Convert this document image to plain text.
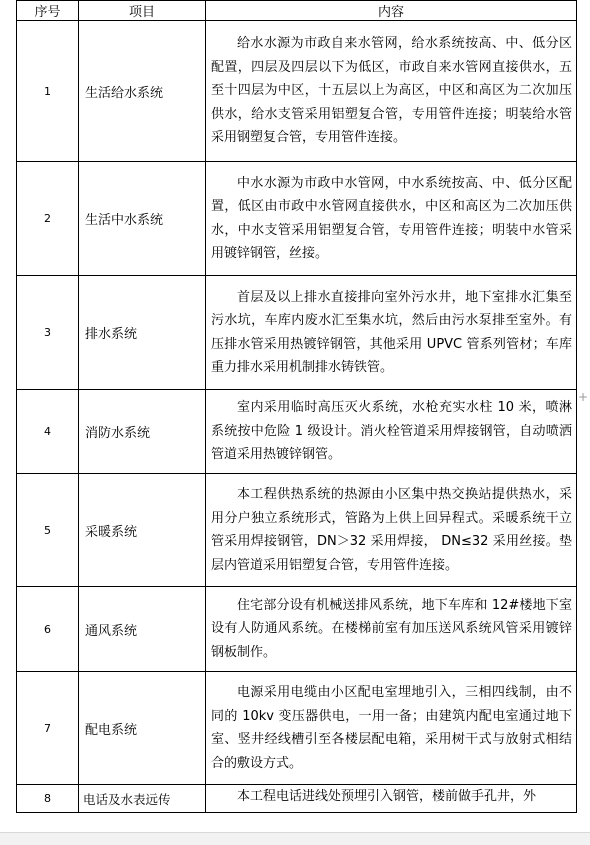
序号	项目	内容
1	生活给水系统	给水水源为市政自来水管网，给水系统按高、中、低分区配置，四层及四层以下为低区，市政自来水管网直接供水，五至十四层为中区，十五层以上为高区，中区和高区为二次加压供水，给水支管采用铝塑复合管，专用管件连接；明装给水管采用钢塑复合管，专用管件连接。

2	生活中水系统	中水水源为市政中水管网，中水系统按高、中、低分区配置，低区由市政中水管网直接供水，中区和高区为二次加压供水，中水支管采用铝塑复合管，专用管件连接；明装中水管采用镀锌钢管，丝接。

3	排水系统	首层及以上排水直接排向室外污水井，地下室排水汇集至污水坑，车库内废水汇至集水坑，然后由污水泵排至室外。有压排水管采用热镀锌钢管，其他采用 UPVC 管系列管材；车库重力排水采用机制排水铸铁管。

4	消防水系统	室内采用临时高压灭火系统，水枪充实水柱 10 米，喷淋系统按中危险 1 级设计。消火栓管道采用焊接钢管，自动喷洒管道采用热镀锌钢管。

5	采暖系统	本工程供热系统的热源由小区集中热交换站提供热水，采用分户独立系统形式，管路为上供上回异程式。采暖系统干立管采用焊接钢管，DN＞32 采用焊接， DN≤32 采用丝接。垫层内管道采用铝塑复合管，专用管件连接。

6	通风系统	住宅部分设有机械送排风系统，地下车库和 12#楼地下室设有人防通风系统。在楼梯前室有加压送风系统风管采用镀锌钢板制作。

7	配电系统	电源采用电缆由小区配电室埋地引入，三相四线制，由不同的 10kv 变压器供电，一用一备；由建筑内配电室通过地下室、竖井经线槽引至各楼层配电箱，采用树干式与放射式相结合的敷设方式。

8	电话及水表远传	本工程电话进线处预埋引入钢管，楼前做手孔井，外

+
